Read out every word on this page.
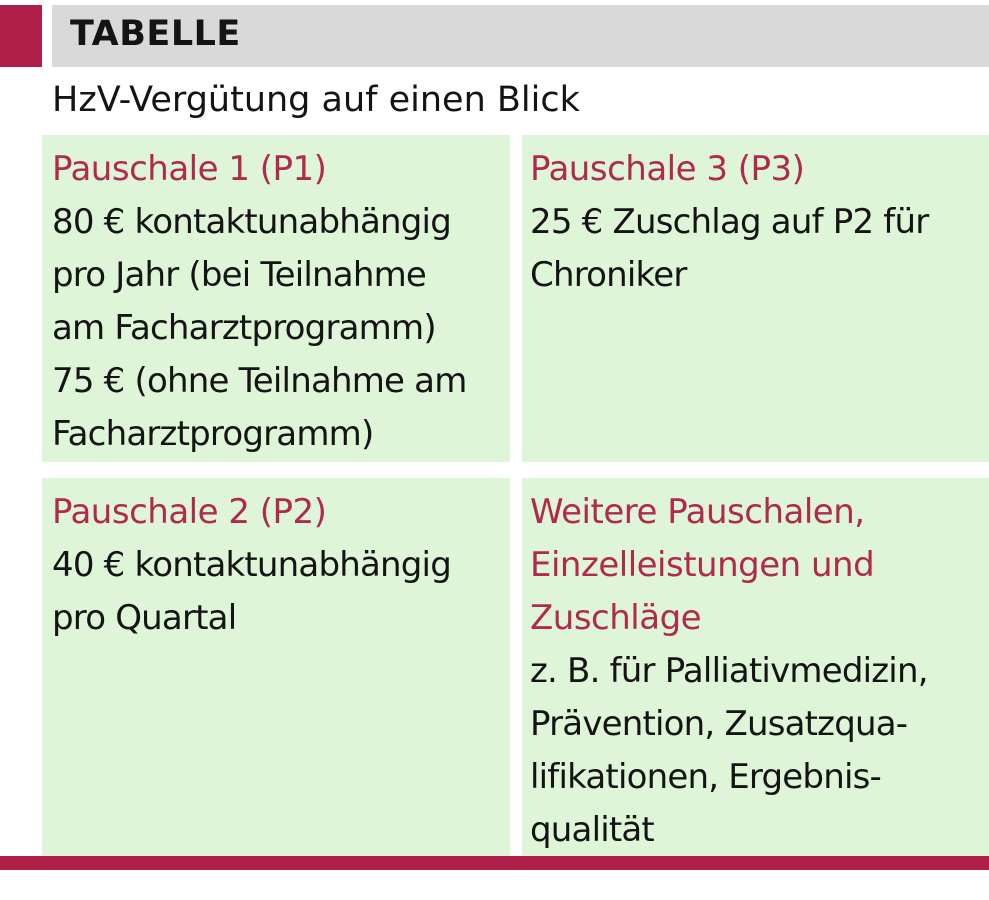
TABELLE
HzV-Vergütung auf einen Blick
Pauschale 1 (P1)
80 € kontaktunabhängig
pro Jahr (bei Teilnahme
am Facharztprogramm)
75 € (ohne Teilnahme am
Facharztprogramm)
Pauschale 3 (P3)
25 € Zuschlag auf P2 für
Chroniker
Pauschale 2 (P2)
40 € kontaktunabhängig
pro Quartal
Weitere Pauschalen,
Einzelleistungen und
Zuschläge
z. B. für Palliativmedizin,
Prävention, Zusatzqua-
lifikationen, Ergebnis-
qualität
